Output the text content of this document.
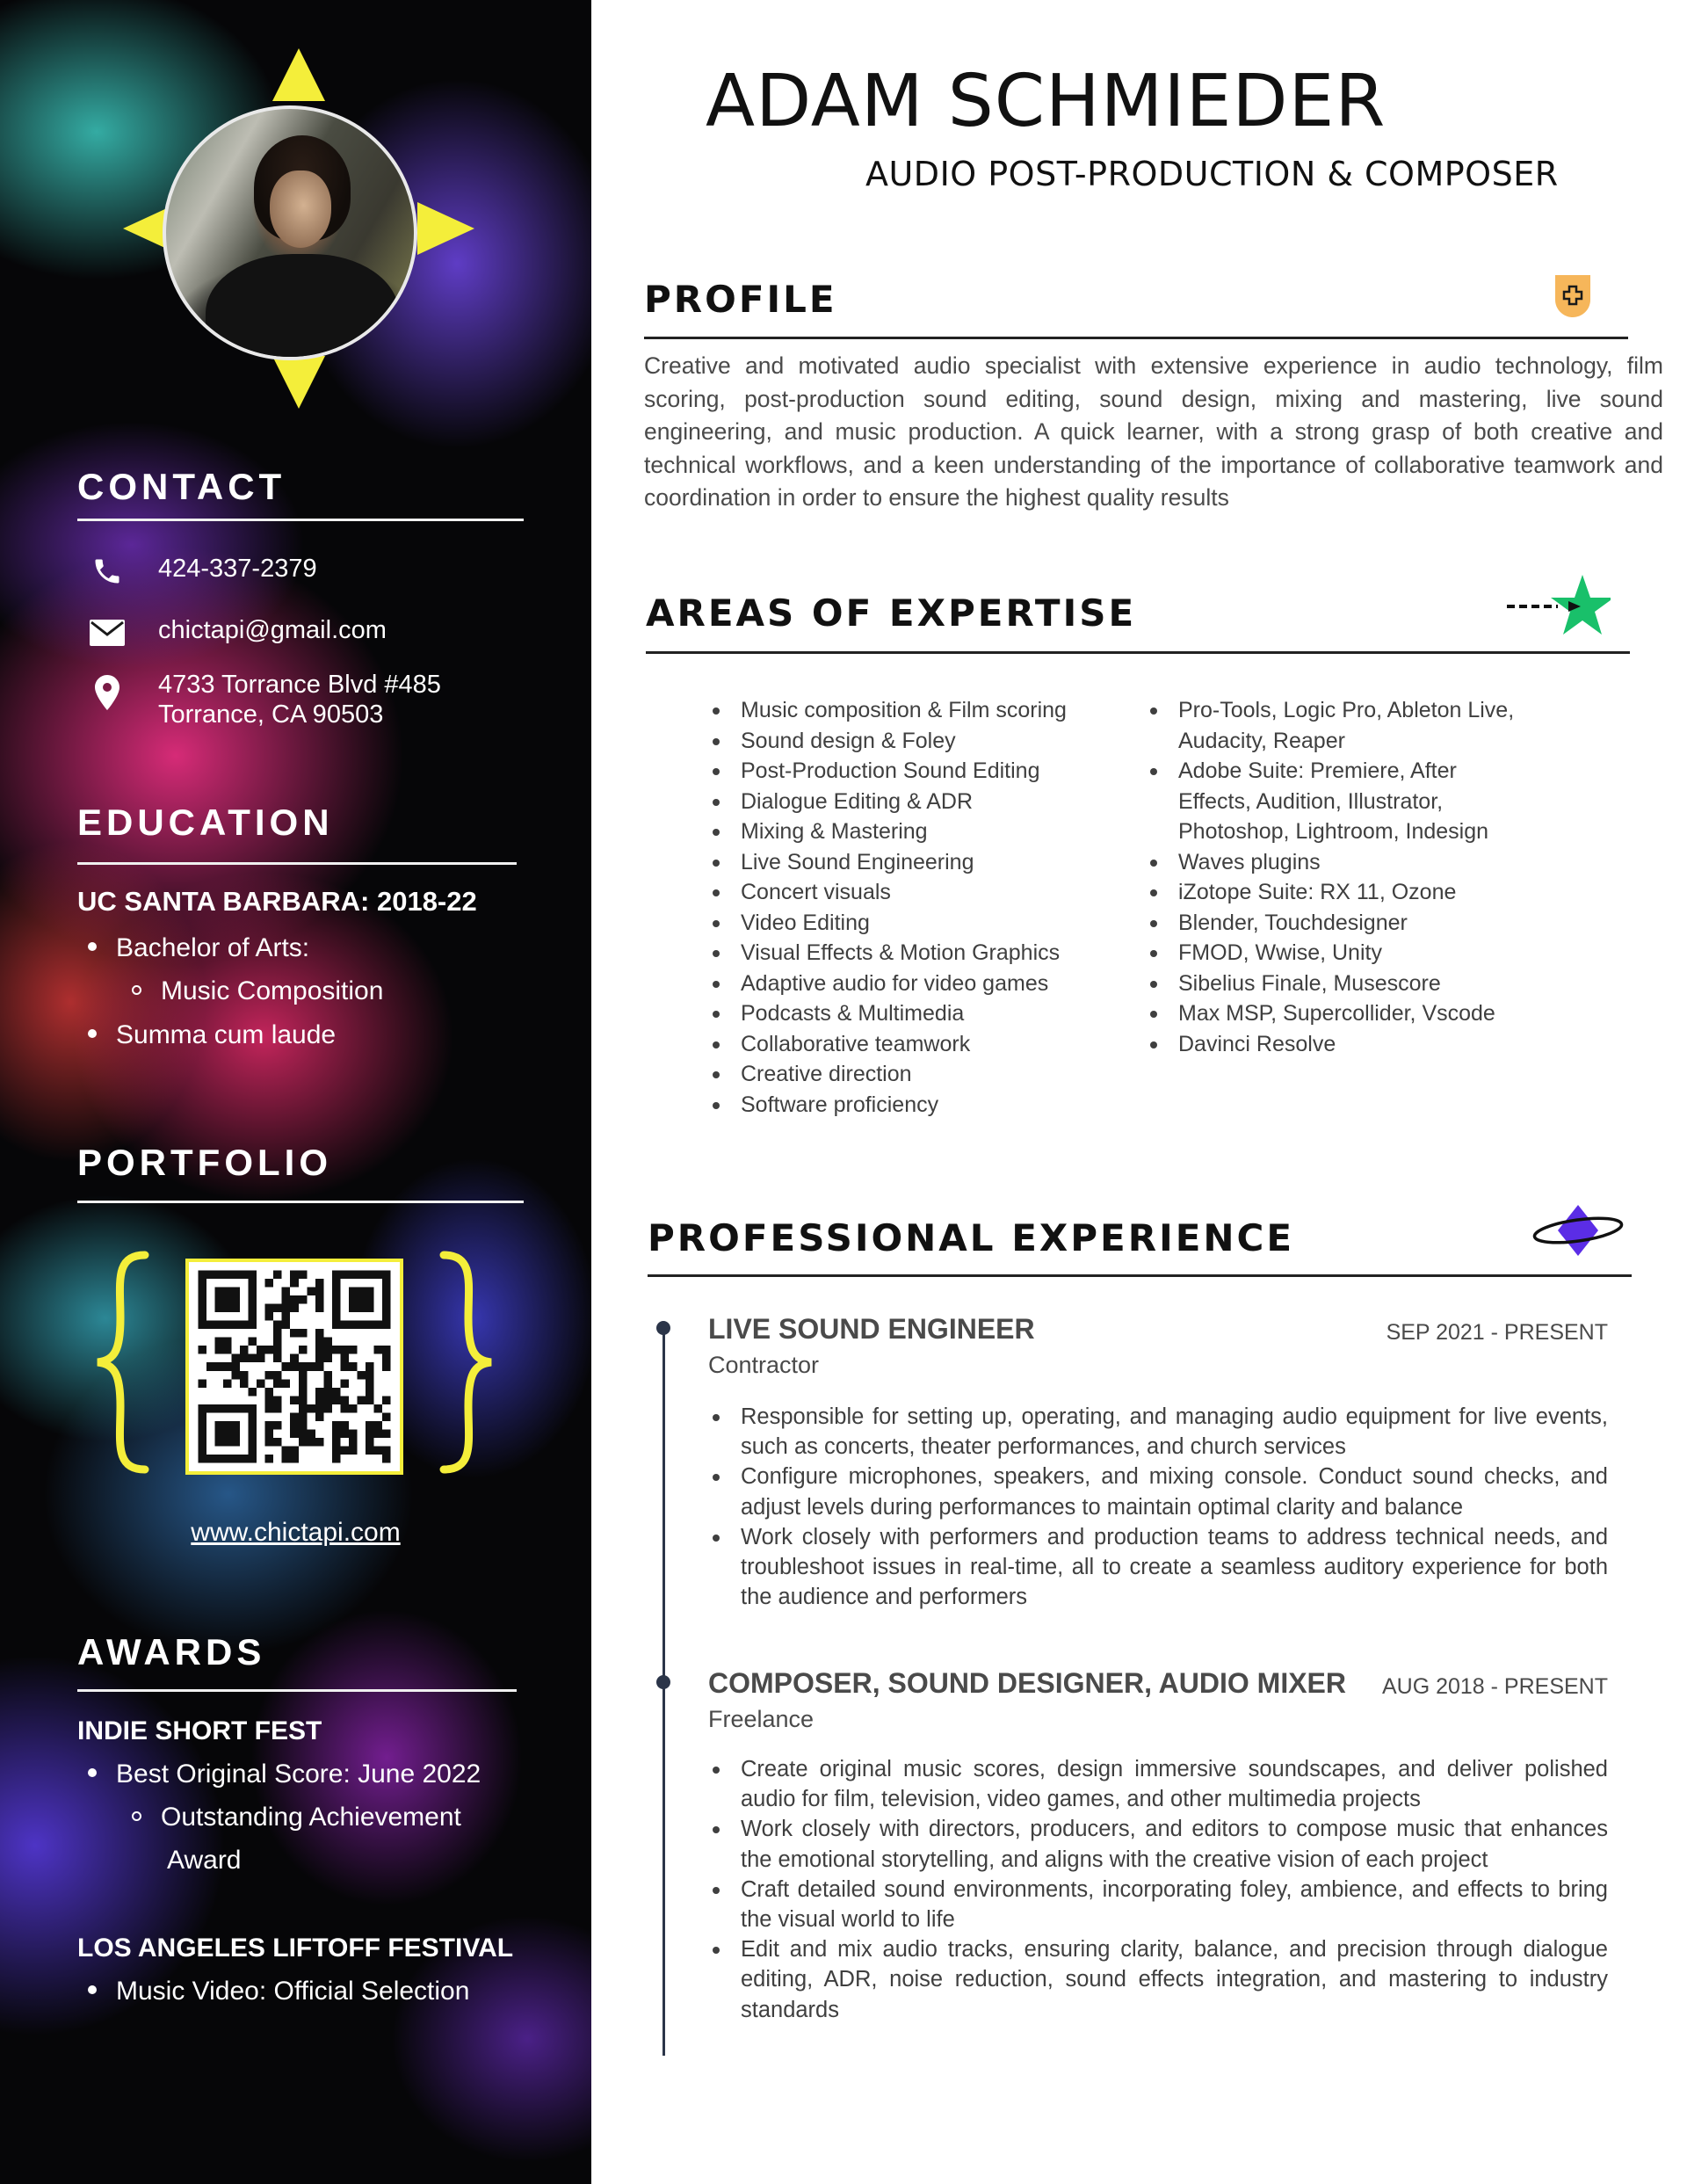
CONTACT
424-337-2379
chictapi@gmail.com
4733 Torrance Blvd #485
Torrance, CA 90503
EDUCATION
UC SANTA BARBARA: 2018-22
Bachelor of Arts:
Music Composition
Summa cum laude
PORTFOLIO
www.chictapi.com
AWARDS
INDIE SHORT FEST
Best Original Score: June 2022
Outstanding Achievement
Award
LOS ANGELES LIFTOFF FESTIVAL
Music Video: Official Selection
ADAM SCHMIEDER
AUDIO POST-PRODUCTION & COMPOSER
PROFILE

Creative and motivated audio specialist with extensive experience in audio technology, film scoring, post-production sound editing, sound design, mixing and mastering, live sound engineering, and music production. A quick learner, with a strong grasp of both creative and technical workflows, and a keen understanding of the importance of collaborative teamwork and coordination in order to ensure the highest quality results

AREAS OF EXPERTISE
Music composition & Film scoring
Sound design & Foley
Post-Production Sound Editing
Dialogue Editing & ADR
Mixing & Mastering
Live Sound Engineering
Concert visuals
Video Editing
Visual Effects & Motion Graphics
Adaptive audio for video games
Podcasts & Multimedia
Collaborative teamwork
Creative direction
Software proficiency
Pro-Tools, Logic Pro, Ableton Live, Audacity, Reaper
Adobe Suite: Premiere, After Effects, Audition, Illustrator, Photoshop, Lightroom, Indesign
Waves plugins
iZotope Suite: RX 11, Ozone
Blender, Touchdesigner
FMOD, Wwise, Unity
Sibelius Finale, Musescore
Max MSP, Supercollider, Vscode
Davinci Resolve
PROFESSIONAL EXPERIENCE
LIVE SOUND ENGINEER	SEP 2021 - PRESENT
Contractor
Responsible for setting up, operating, and managing audio equipment for live events, such as concerts, theater performances, and church services
Configure microphones, speakers, and mixing console. Conduct sound checks, and adjust levels during performances to maintain optimal clarity and balance
Work closely with performers and production teams to address technical needs, and troubleshoot issues in real-time, all to create a seamless auditory experience for both the audience and performers
COMPOSER, SOUND DESIGNER, AUDIO MIXER AUG 2018 - PRESENT
Freelance
Create original music scores, design immersive soundscapes, and deliver polished audio for film, television, video games, and other multimedia projects
Work closely with directors, producers, and editors to compose music that enhances the emotional storytelling, and aligns with the creative vision of each project
Craft detailed sound environments, incorporating foley, ambience, and effects to bring the visual world to life
Edit and mix audio tracks, ensuring clarity, balance, and precision through dialogue editing, ADR, noise reduction, sound effects integration, and mastering to industry standards
